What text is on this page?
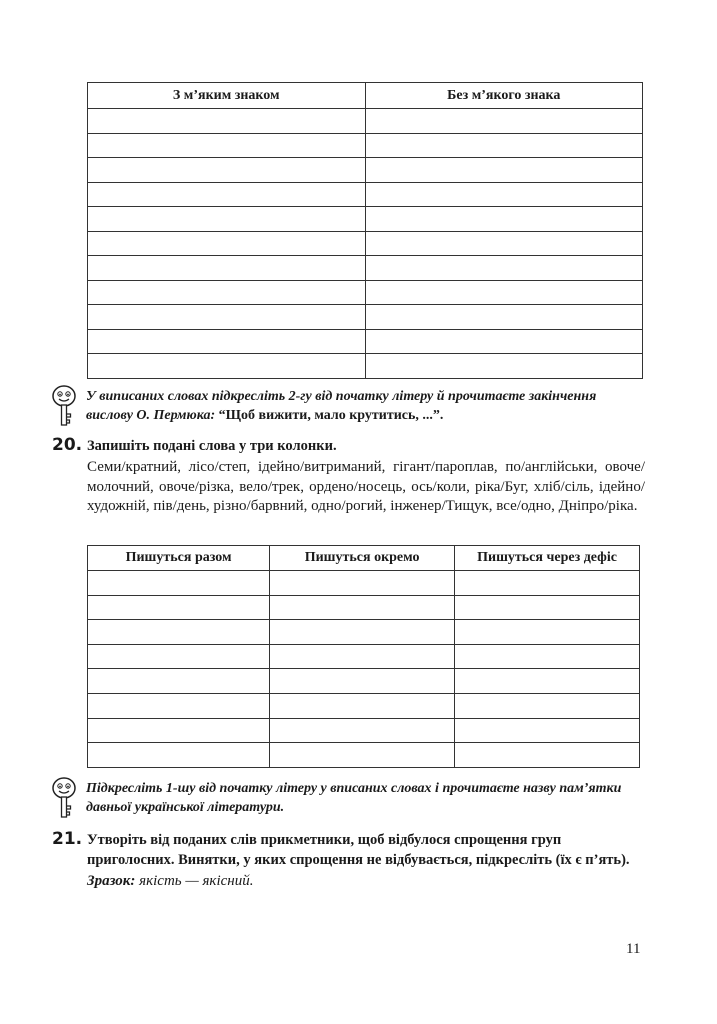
З м’яким знаком	Без м’якого знака

У виписаних словах підкресліть 2-гу від початку літеру й прочитаєте закінчення вислову О. Пермюка: “Щоб вижити, мало крутитись, ...”.
20. Запишіть подані слова у три колонки.
Семи/кратний, лісо/степ, ідейно/витриманий, гігант/пароплав, по/англійськи, овоче/молочний, овоче/різка, вело/трек, ордено/носець, ось/коли, ріка/Буг, хліб/сіль, ідейно/художній, пів/день, різно/барвний, одно/рогий, інженер/Тищук, все/одно, Дніпро/ріка.
Пишуться разом	Пишуться окремо	Пишуться через дефіс

Підкресліть 1-шу від початку літеру у вписаних словах і прочитаєте назву пам’ятки давньої української літератури.
21. Утворіть від поданих слів прикметники, щоб відбулося спрощення груп приголосних. Винятки, у яких спрощення не відбувається, підкресліть (їх є п’ять).
Зразок: якість — якісний.
11
